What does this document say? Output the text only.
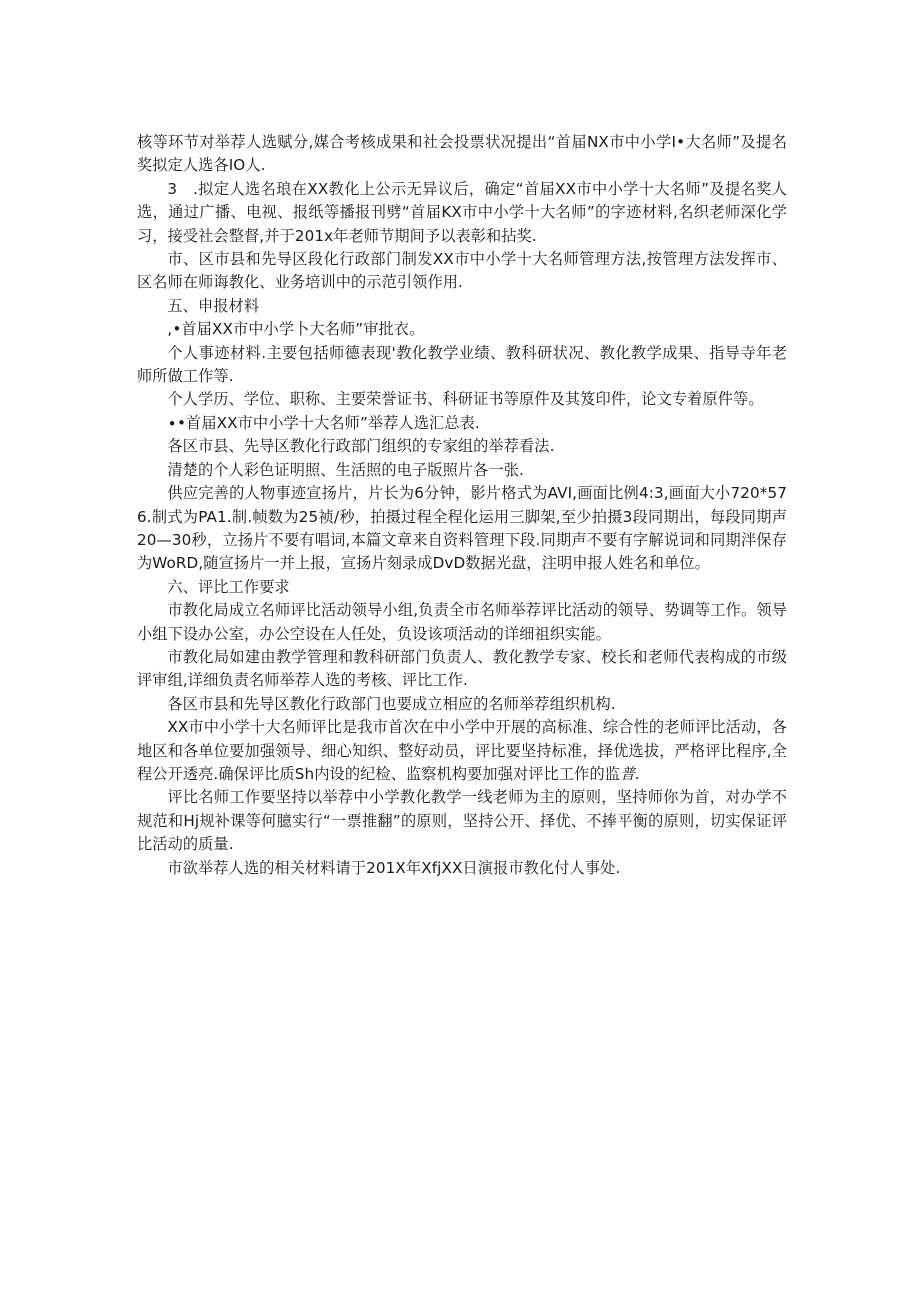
核等环节对举荐人选赋分,媒合考核成果和社会投票状况提出“首届NX市中小学I•大名师”及提名奖拟定人选各IO人.

3　.拟定人选名琅在XX教化上公示无异议后，确定“首届XX市中小学十大名师”及提名奖人选，通过广播、电视、报纸等播报刊劈“首届KX市中小学十大名师”的字迹材料,名织老师深化学习，接受社会整督,并于201x年老师节期间予以表彰和拈奖.

市、区市县和先导区段化行政部门制发XX市中小学十大名师管理方法,按管理方法发挥市、区名师在师诲教化、业务培训中的示范引领作用.

五、申报材料

,•首届XX市中小学卜大名师”审批衣。

个人事迹材料.主要包括师德表现'教化教学业绩、教科研状况、教化教学成果、指导寺年老师所做工作等.

个人学历、学位、职称、主要荣誉证书、科研证书等原件及其笈印件，论文专着原件等。

∙•首届XX市中小学十大名师”举荐人选汇总表.

各区市县、先导区教化行政部门组织的专家组的举荐看法.

清楚的个人彩色证明照、生活照的电子版照片各一张.

供应完善的人物事迹宣扬片，片长为6分钟，影片格式为AVI,画面比例4:3,画面大小720*576.制式为PA1.制.帧数为25祯/秒，拍摄过程全程化运用三脚架,至少拍摄3段同期出，每段同期声20—30秒，立扬片不要有唱词,本篇文章来自资料管理下段.同期声不要有字解说词和同期泮保存为WoRD,随宣扬片一并上报，宣扬片刻录成DvD数据光盘，注明申报人姓名和单位。

六、评比工作要求

市教化局成立名师评比活动领导小组,负责全市名师举荐评比活动的领导、势调等工作。领导小组下设办公室，办公空设在人任处，负设该项活动的详细祖织实能。

市教化局如建由教学管理和教科研部门负责人、教化教学专家、校长和老师代表构成的市级评审组,详细负责名师举荐人选的考核、评比工作.

各区市县和先导区教化行政部门也要成立相应的名师举荐组织机构.

XX市中小学十大名师评比是我市首次在中小学中开展的高标准、综合性的老师评比活动，各地区和各单位要加强领导、细心知织、整好动员，评比要坚持标准，择优选拔，严格评比程序,全程公开透亮.确保评比质Sh内设的纪检、监察机构要加强对评比工作的监普.

评比名师工作要坚持以举荐中小学教化教学一线老师为主的原则，坚持师你为首，对办学不规范和Hj规补课等何臆实行“一票推翻”的原则，坚持公开、择优、不捧平衡的原则，切实保证评比活动的质量.

市欲举荐人选的相关材料请于201X年XfjXX日演报市教化付人事处.
